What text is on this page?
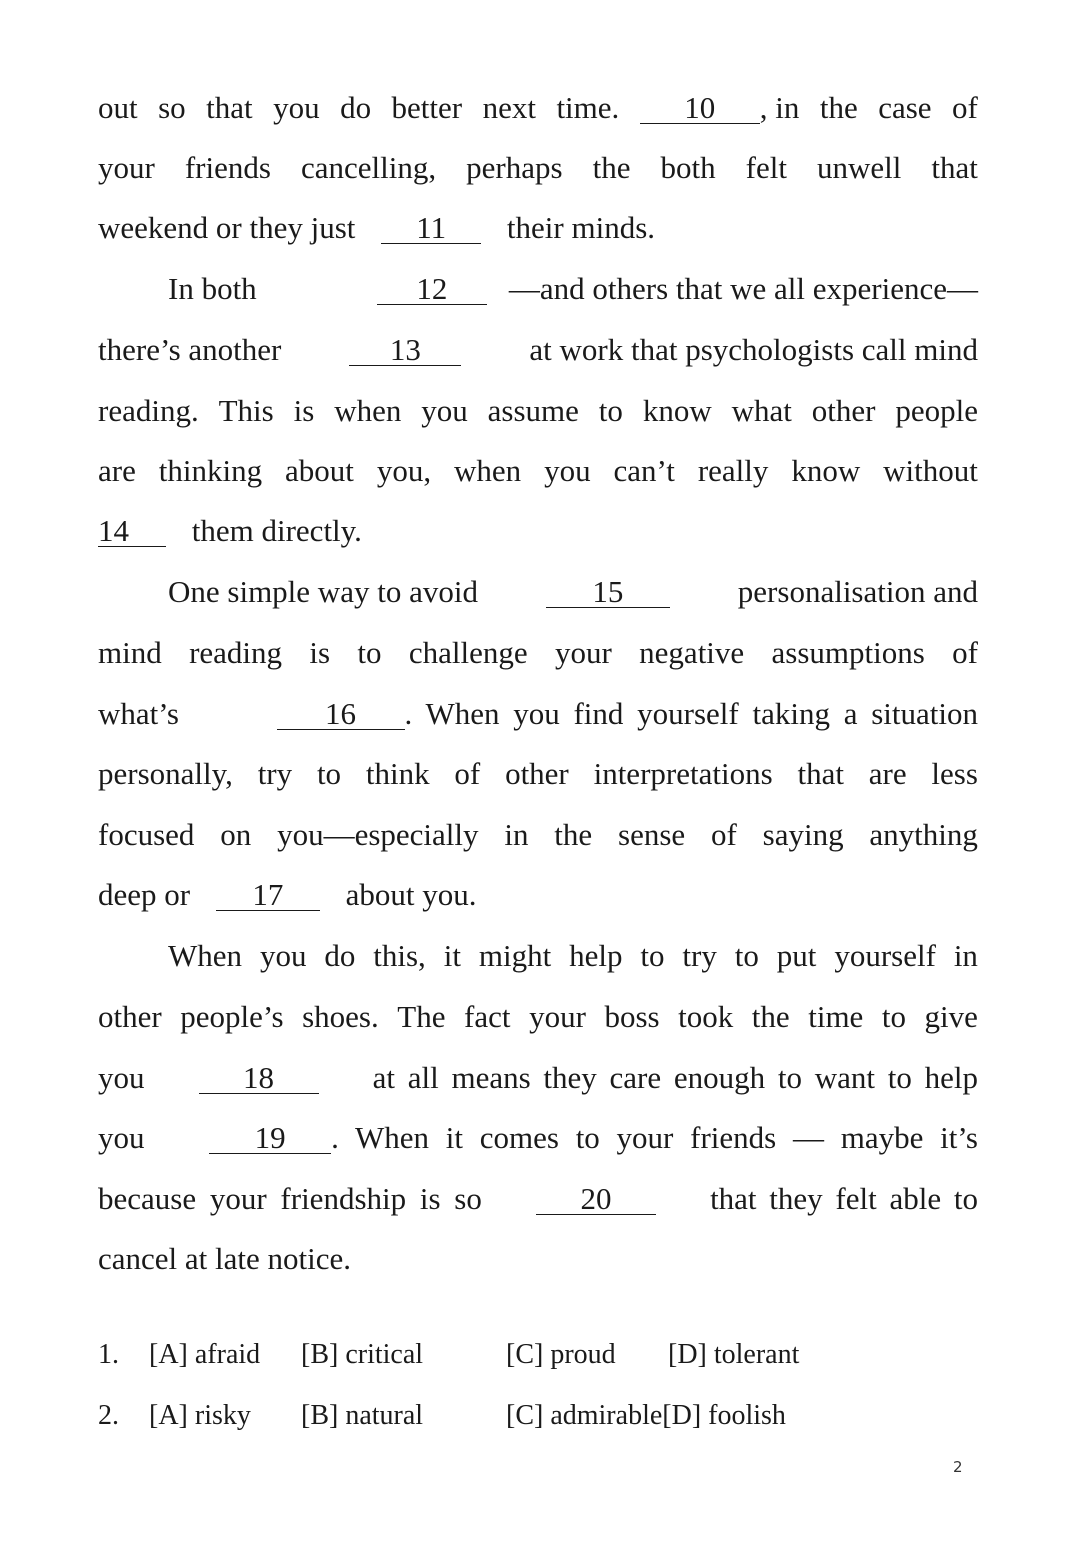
out so that you do better next time.	10	, in the case of
your friends cancelling, perhaps the both felt unwell that
weekend or they just 11 their minds.
In both	12	—and others that we all experience—
there’s another	13	at work that psychologists call mind
reading. This is when you assume to know what other people
are thinking about you, when you can’t really know without
14 them directly.
One simple way to avoid	15	personalisation and
mind reading is to challenge your negative assumptions of
what’s	16	. When you find yourself taking a situation
personally, try to think of other interpretations that are less
focused on you—especially in the sense of saying anything
deep or 17 about you.
When you do this, it might help to try to put yourself in
other people’s shoes. The fact your boss took the time to give
you	18	at all means they care enough to want to help
you	19	. When it comes to your friends — maybe it’s
because your friendship is so	20	that they felt able to
cancel at late notice.
1. [A] afraid [B] critical	[C] proud [D] tolerant
2. [A] risky [B] natural	[C] admirable[D] foolish
2
